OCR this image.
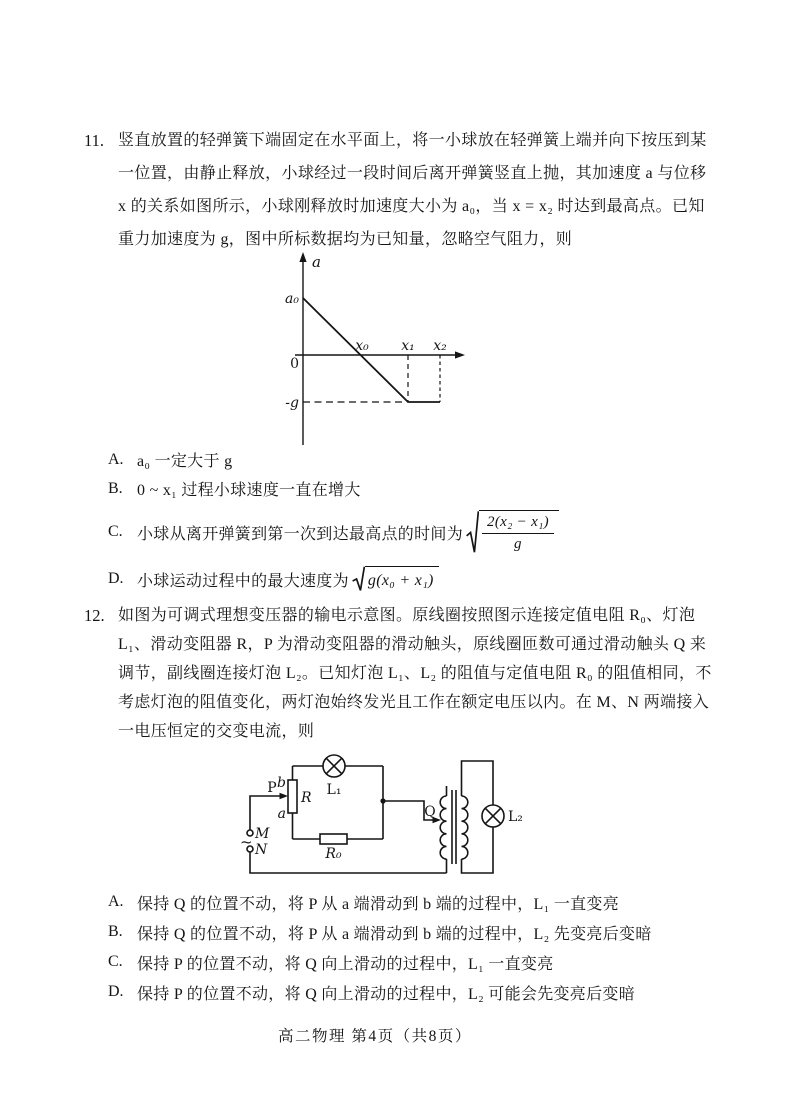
11. 竖直放置的轻弹簧下端固定在水平面上，将一小球放在轻弹簧上端并向下按压到某
一位置，由静止释放，小球经过一段时间后离开弹簧竖直上抛，其加速度 a 与位移
x 的关系如图所示，小球刚释放时加速度大小为 a₀，当 x = x₂ 时达到最高点。已知
重力加速度为 g，图中所标数据均为已知量，忽略空气阻力，则
a
a₀
0
x₀ x₁ x₂
-g
A. a₀ 一定大于 g
B. 0 ~ x₁ 过程小球速度一直在增大
C. 小球从离开弹簧到第一次到达最高点的时间为 $\frac{\text{2(x₂ − x₁)}}{g}$
D. 小球运动过程中的最大速度为 g(x₀ + x₁)
12. 如图为可调式理想变压器的输电示意图。原线圈按照图示连接定值电阻 R₀、灯泡
L₁、滑动变阻器 R，P 为滑动变阻器的滑动触头，原线圈匝数可通过滑动触头 Q 来
调节，副线圈连接灯泡 L₂。已知灯泡 L₁、L₂ 的阻值与定值电阻 R₀ 的阻值相同，不
考虑灯泡的阻值变化，两灯泡始终发光且工作在额定电压以内。在 M、N 两端接入
一电压恒定的交变电流，则
P b
a
R L₁
M
~ N	R₀
Q	L₂
A. 保持 Q 的位置不动，将 P 从 a 端滑动到 b 端的过程中，L₁ 一直变亮
B. 保持 Q 的位置不动，将 P 从 a 端滑动到 b 端的过程中，L₂ 先变亮后变暗
C. 保持 P 的位置不动，将 Q 向上滑动的过程中，L₁ 一直变亮
D. 保持 P 的位置不动，将 Q 向上滑动的过程中，L₂ 可能会先变亮后变暗
高二物理 第4页（共8页）
